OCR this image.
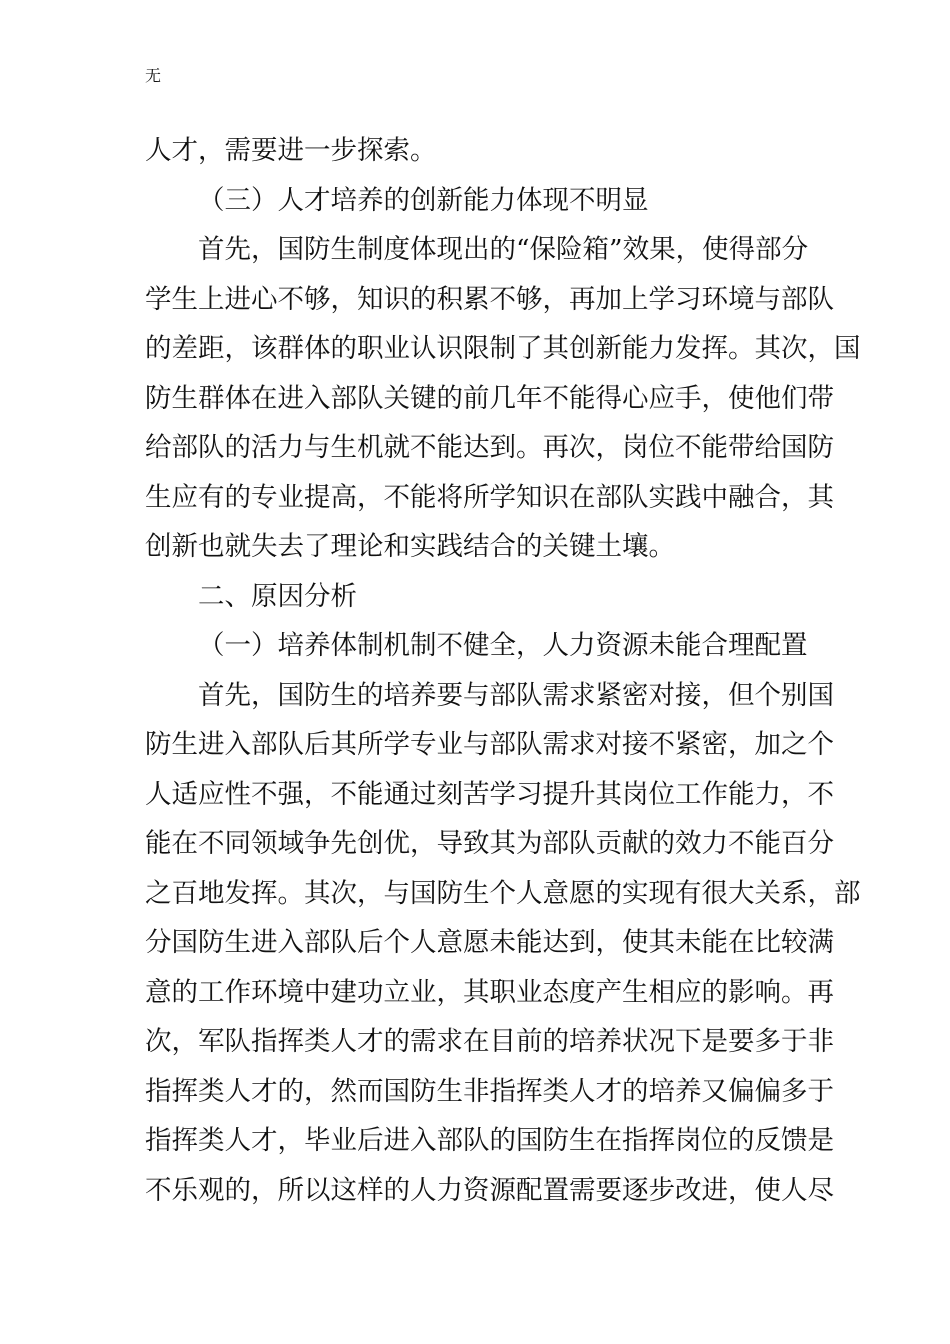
无

人才，需要进一步探索。

（三）人才培养的创新能力体现不明显

首先，国防生制度体现出的“保险箱”效果，使得部分
学生上进心不够，知识的积累不够，再加上学习环境与部队
的差距，该群体的职业认识限制了其创新能力发挥。其次，国
防生群体在进入部队关键的前几年不能得心应手，使他们带
给部队的活力与生机就不能达到。再次，岗位不能带给国防
生应有的专业提高，不能将所学知识在部队实践中融合，其
创新也就失去了理论和实践结合的关键土壤。

二、原因分析

（一）培养体制机制不健全，人力资源未能合理配置

首先，国防生的培养要与部队需求紧密对接，但个别国
防生进入部队后其所学专业与部队需求对接不紧密，加之个
人适应性不强，不能通过刻苦学习提升其岗位工作能力，不
能在不同领域争先创优，导致其为部队贡献的效力不能百分
之百地发挥。其次，与国防生个人意愿的实现有很大关系，部
分国防生进入部队后个人意愿未能达到，使其未能在比较满
意的工作环境中建功立业，其职业态度产生相应的影响。再
次，军队指挥类人才的需求在目前的培养状况下是要多于非
指挥类人才的，然而国防生非指挥类人才的培养又偏偏多于
指挥类人才，毕业后进入部队的国防生在指挥岗位的反馈是
不乐观的，所以这样的人力资源配置需要逐步改进，使人尽
